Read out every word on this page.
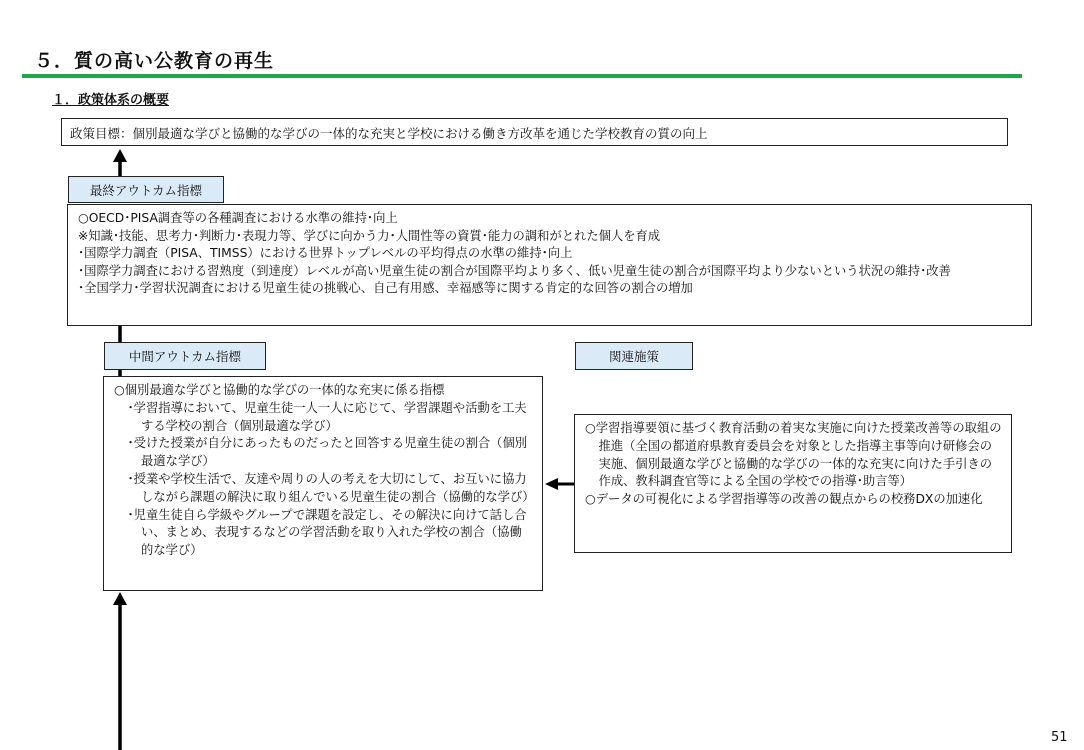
５．質の高い公教育の再生
１．政策体系の概要
政策目標：個別最適な学びと協働的な学びの一体的な充実と学校における働き方改革を通じた学校教育の質の向上
最終アウトカム指標

○OECD･PISA調査等の各種調査における水準の維持･向上

※知識･技能、思考力･判断力･表現力等、学びに向かう力･人間性等の資質･能力の調和がとれた個人を育成

･国際学力調査（PISA、TIMSS）における世界トップレベルの平均得点の水準の維持･向上

･国際学力調査における習熟度（到達度）レベルが高い児童生徒の割合が国際平均より多く、低い児童生徒の割合が国際平均より少ないという状況の維持･改善

･全国学力･学習状況調査における児童生徒の挑戦心、自己有用感、幸福感等に関する肯定的な回答の割合の増加

中間アウトカム指標	関連施策

○個別最適な学びと協働的な学びの一体的な充実に係る指標

･学習指導において、児童生徒一人一人に応じて、学習課題や活動を工夫する学校の割合（個別最適な学び）

･受けた授業が自分にあったものだったと回答する児童生徒の割合（個別最適な学び）

･授業や学校生活で、友達や周りの人の考えを大切にして、お互いに協力しながら課題の解決に取り組んでいる児童生徒の割合（協働的な学び）

･児童生徒自ら学級やグループで課題を設定し、その解決に向けて話し合い、まとめ、表現するなどの学習活動を取り入れた学校の割合（協働的な学び）

○学習指導要領に基づく教育活動の着実な実施に向けた授業改善等の取組の推進（全国の都道府県教育委員会を対象とした指導主事等向け研修会の実施、個別最適な学びと協働的な学びの一体的な充実に向けた手引きの作成、教科調査官等による全国の学校での指導･助言等）

○データの可視化による学習指導等の改善の観点からの校務DXの加速化

51
